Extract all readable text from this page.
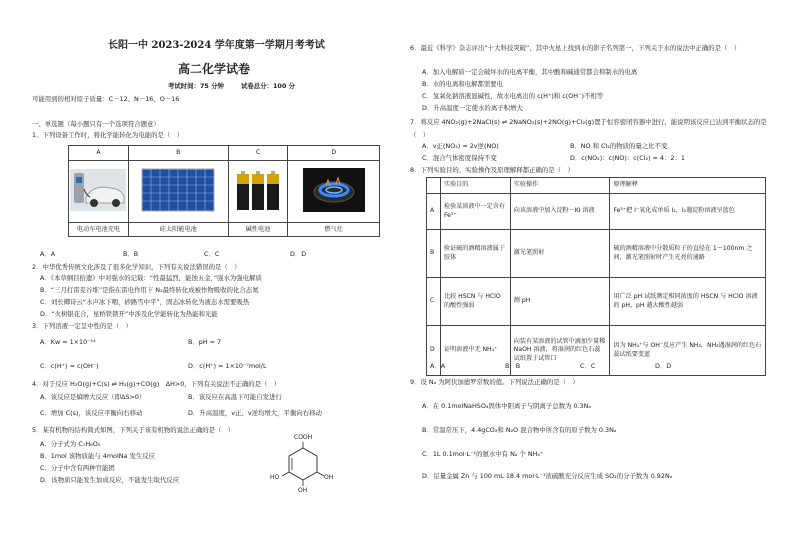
长阳一中 2023-2024 学年度第一学期月考考试
高二化学试卷
考试时间：75 分钟	试卷总分：100 分
可能用到的相对原子质量：C－12、N－16、O－16
一、单选题（每小题只有一个选项符合题意）
1．下列设备工作时，将化学能转化为电能的是（　）
A	B	C	D

电动车电池充电	硅太阳能电池	碱性电池	燃气灶
A．A	B．B	C．C	D．D
2．中华优秀传统文化涉及了很多化学知识，下列有关说法错误的是（　）
A．《本草纲目拾遗》中对强水的记载：“性最猛烈，能蚀五金，”强水为强电解质
B．“三月打雷麦谷堆”是指在雷电作用下 N₂最终转化成被作物吸收的化合态氮
C．刘长卿诗云“水声冰下咽，砂路雪中平”，固态冰转化为液态水需要吸热
D．“火树银花合，星桥铁锁开”中涉及化学能转化为热能和光能
3．下列溶液一定呈中性的是（　）
A．Kw = 1×10⁻¹⁴	B．pH = 7
C．c(H⁺) = c(OH⁻)	D．c(H⁺) = 1×10⁻⁷mol/L
4．对于反应 H₂O(g)+C(s) ⇌ H₂(g)+CO(g)　ΔH>0，下列有关说法不正确的是（　）
A．该反应是熵增大反应（即ΔS>0）	B．该反应在高温下可能自发进行
C．增加 C(s)，该反应平衡向右移动	D．升高温度，v正、v逆均增大，平衡向右移动
5．某有机物的结构简式如图，下列关于该有机物的说法正确的是（　）
A．分子式为 C₇H₈O₅
B．1mol 该物质能与 4molNa 发生反应
C．分子中含有两种官能团
D．该物质只能发生加成反应，不能发生取代反应
COOH
HO
OH
OH
6．最近《科学》杂志评出“十大科技突破”，其中火星上找到水的影子名列第一，下列关于水的说法中正确的是（　）
A．加入电解质一定会破坏水的电离平衡，其中酸和碱通常都会抑制水的电离
B．水的电离和电解都需要电
C．氢氧化钠溶液显碱性，故水电离出的 c(H⁺)和 c(OH⁻)不相等
D．升高温度一定使水的离子积增大
7．将反应 4NO₂(g)+2NaCl(s) ⇌ 2NaNO₃(s)+2NO(g)+Cl₂(g)置于恒容密闭容器中进行，能说明该反应已达到平衡状态的是（　）
A．v正(NO₂) = 2v逆(NO)	B．NO 和 Cl₂的物质的量之比不变
C．混合气体密度保持不变	D．c(NO₂)：c(NO)：c(Cl₂) = 4：2：1
8．下列实验目的、实验操作及原理解释都正确的是（　）
	实验目的	实验操作	原理解释
A	检验某溶液中一定含有 Fe³⁺	向该溶液中加入淀粉－KI 溶液	Fe³⁺把 I⁻氧化成单质 I₂，I₂遇淀粉溶液呈蓝色
B	验证硫的酒精溶液属于胶体	激光笔照射	硫的酒精溶液中分散质粒子的直径在 1～100nm 之间，激光笔照射时产生光亮的通路
C	比较 HSCN 与 HClO 的酸性强弱	测 pH	用广泛 pH 试纸测定相同浓度的 HSCN 与 HClO 溶液的 pH，pH 越大酸性越弱
D	证明溶液中无 NH₄⁺	向装有某溶液的试管中滴加少量稀 NaOH 溶液，将湿润的红色石蕊试纸置于试管口	因为 NH₄⁺与 OH⁻反应产生 NH₃，NH₃遇湿润的红色石蕊试纸要变蓝
A．A	B．B	C．C	D．D
9．设 Nₐ 为阿伏加德罗常数的值。下列说法正确的是（　）
A．在 0.1molNaHSO₄固体中阳离子与阴离子总数为 0.3Nₐ
B．常温常压下，4.4gCO₂和 N₂O 混合物中所含有的原子数为 0.3Nₐ
C．1L 0.1mol·L⁻¹的氨水中有 Nₐ 个 NH₄⁺
D．足量金属 Zn 与 100 mL 18.4 mol·L⁻¹浓硫酸充分反应生成 SO₂的分子数为 0.92Nₐ
